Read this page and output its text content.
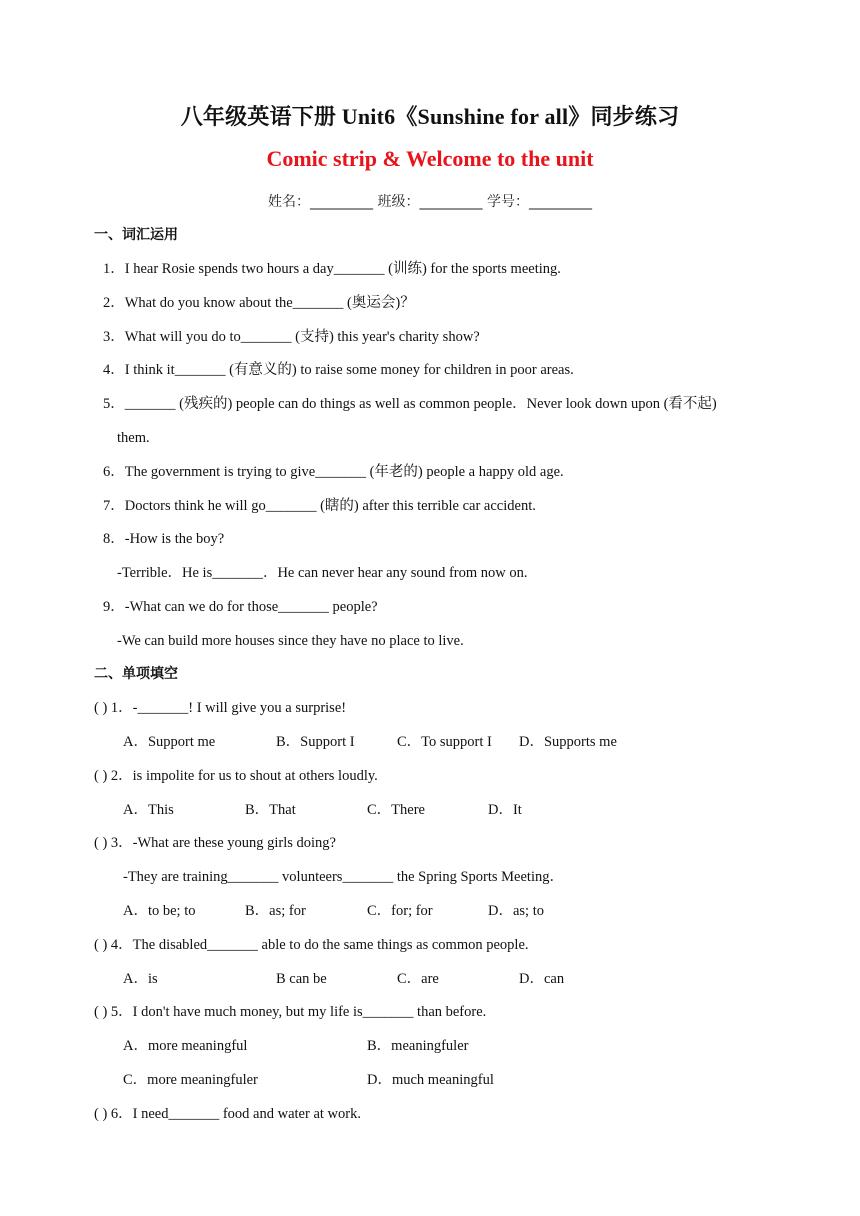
八年级英语下册 Unit6《Sunshine for all》同步练习
Comic strip & Welcome to the unit
姓名：_________ 班级：_________ 学号：_________
一、词汇运用
1．I hear Rosie spends two hours a day_______ (训练) for the sports meeting.
2．What do you know about the_______ (奥运会)？
3．What will you do to_______ (支持) this year's charity show?
4．I think it_______ (有意义的) to raise some money for children in poor areas.
5．_______ (残疾的) people can do things as well as common people．Never look down upon (看不起)
them.
6．The government is trying to give_______ (年老的) people a happy old age.
7．Doctors think he will go_______ (瞎的) after this terrible car accident.
8．-How is the boy?
-Terrible．He is_______．He can never hear any sound from now on.
9．-What can we do for those_______ people?
-We can build more houses since they have no place to live.
二、单项填空
( ) 1．-_______! I will give you a surprise!
A．Support me	B．Support I	C．To support I D．Supports me
( ) 2．is impolite for us to shout at others loudly.
A．This	B．That	C．There	D．It
( ) 3．-What are these young girls doing?
-They are training_______ volunteers_______ the Spring Sports Meeting．
A．to be; to	B．as; for	C．for; for	D．as; to
( ) 4．The disabled_______ able to do the same things as common people.
A．is	B can be	C．are	D．can
( ) 5．I don't have much money, but my life is_______ than before.
A．more meaningful	B．meaningfuler
C．more meaningfuler	D．much meaningful
( ) 6．I need_______ food and water at work.
